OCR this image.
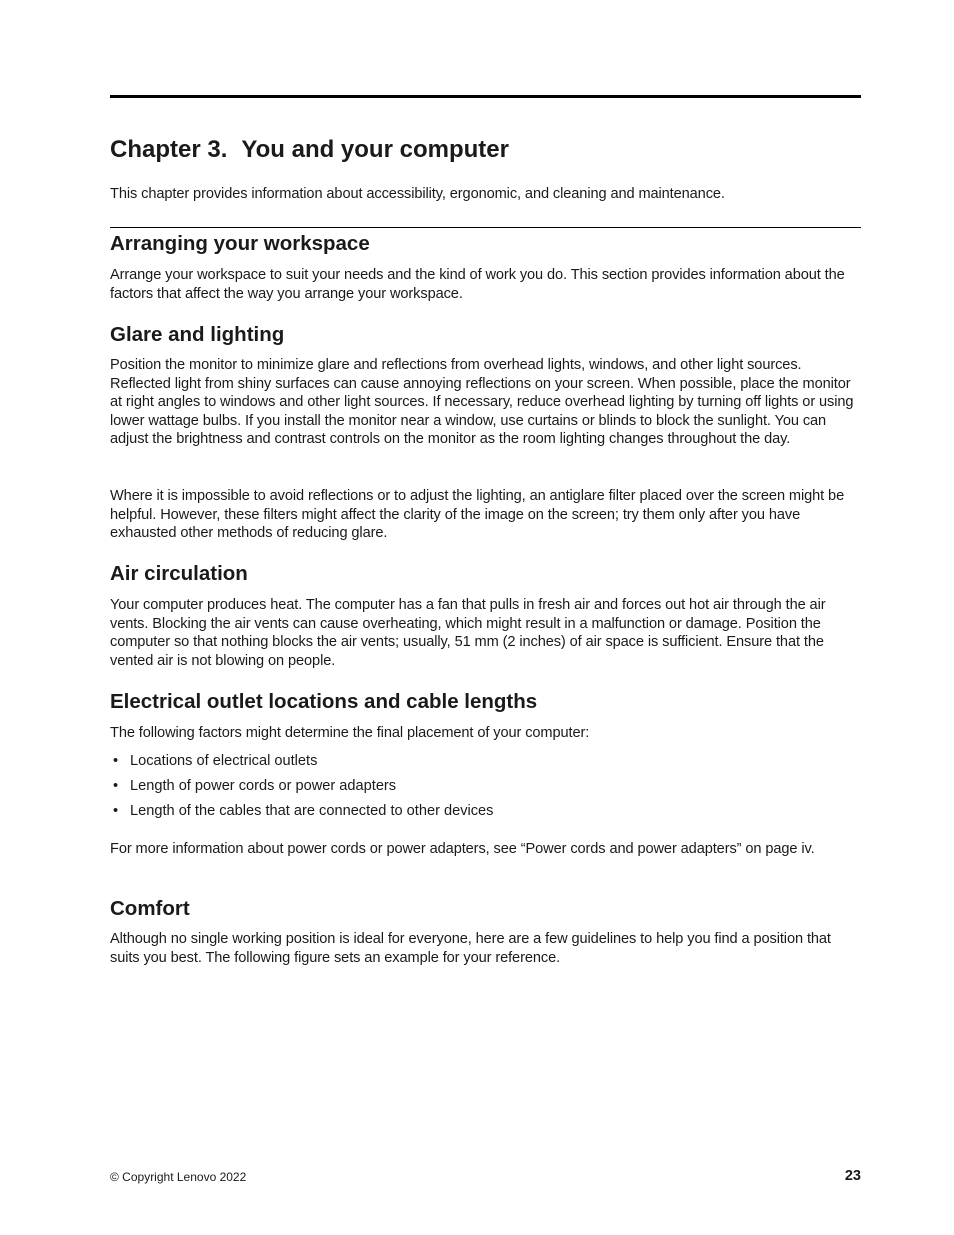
Chapter 3. You and your computer

This chapter provides information about accessibility, ergonomic, and cleaning and maintenance.

Arranging your workspace

Arrange your workspace to suit your needs and the kind of work you do. This section provides information about the factors that affect the way you arrange your workspace.

Glare and lighting

Position the monitor to minimize glare and reflections from overhead lights, windows, and other light sources. Reflected light from shiny surfaces can cause annoying reflections on your screen. When possible, place the monitor at right angles to windows and other light sources. If necessary, reduce overhead lighting by turning off lights or using lower wattage bulbs. If you install the monitor near a window, use curtains or blinds to block the sunlight. You can adjust the brightness and contrast controls on the monitor as the room lighting changes throughout the day.

Where it is impossible to avoid reflections or to adjust the lighting, an antiglare filter placed over the screen might be helpful. However, these filters might affect the clarity of the image on the screen; try them only after you have exhausted other methods of reducing glare.

Air circulation

Your computer produces heat. The computer has a fan that pulls in fresh air and forces out hot air through the air vents. Blocking the air vents can cause overheating, which might result in a malfunction or damage. Position the computer so that nothing blocks the air vents; usually, 51 mm (2 inches) of air space is sufficient. Ensure that the vented air is not blowing on people.

Electrical outlet locations and cable lengths

The following factors might determine the final placement of your computer:

• Locations of electrical outlets
• Length of power cords or power adapters
• Length of the cables that are connected to other devices

For more information about power cords or power adapters, see “Power cords and power adapters” on page iv.

Comfort

Although no single working position is ideal for everyone, here are a few guidelines to help you find a position that suits you best. The following figure sets an example for your reference.

© Copyright Lenovo 2022	23
